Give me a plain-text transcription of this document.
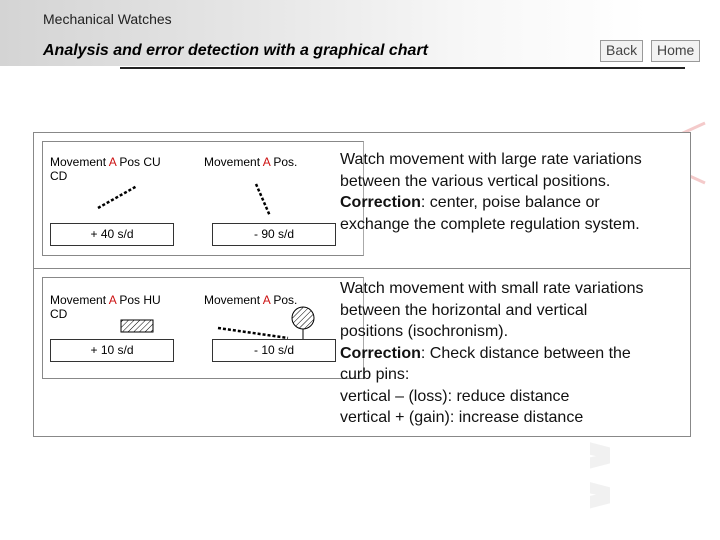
Mechanical Watches
Analysis and error detection with a graphical chart	Back	Home
Movement A Pos CU
CD
Movement A Pos.
+ 40 s/d	- 90 s/d
Watch movement with large rate variations
between the various vertical positions.
Correction: center, poise balance or
exchange the complete regulation system.
Movement A Pos HU
CD
Movement A Pos.
+ 10 s/d	- 10 s/d
Watch movement with small rate variations
between the horizontal and vertical
positions (isochronism).
Correction: Check distance between the
curb pins:
vertical – (loss): reduce distance
vertical + (gain): increase distance
